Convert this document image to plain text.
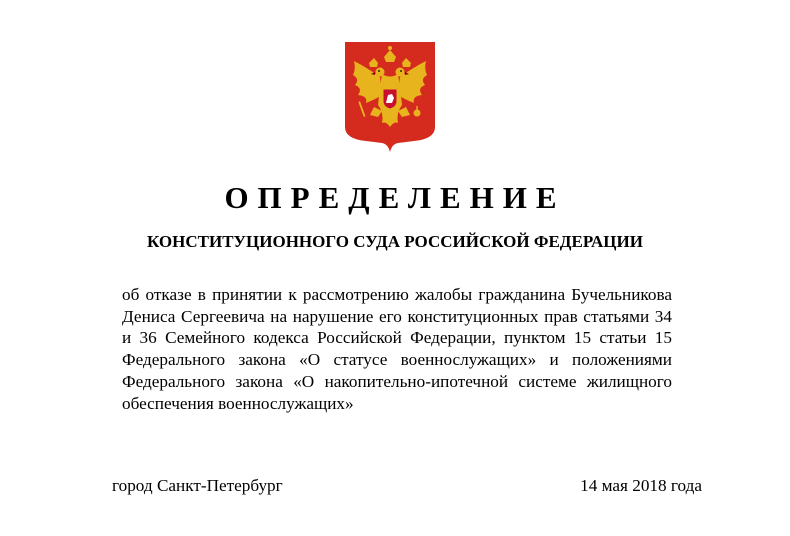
ОПРЕДЕЛЕНИЕ
КОНСТИТУЦИОННОГО СУДА РОССИЙСКОЙ ФЕДЕРАЦИИ

об отказе в принятии к рассмотрению жалобы гражданина Бучельникова Дениса Сергеевича на нарушение его конституционных прав статьями 34 и 36 Семейного кодекса Российской Федерации, пунктом 15 статьи 15 Федерального закона «О статусе военнослужащих» и положениями Федерального закона «О накопительно-ипотечной системе жилищного обеспечения военнослужащих»

город Санкт-Петербург	14 мая 2018 года
